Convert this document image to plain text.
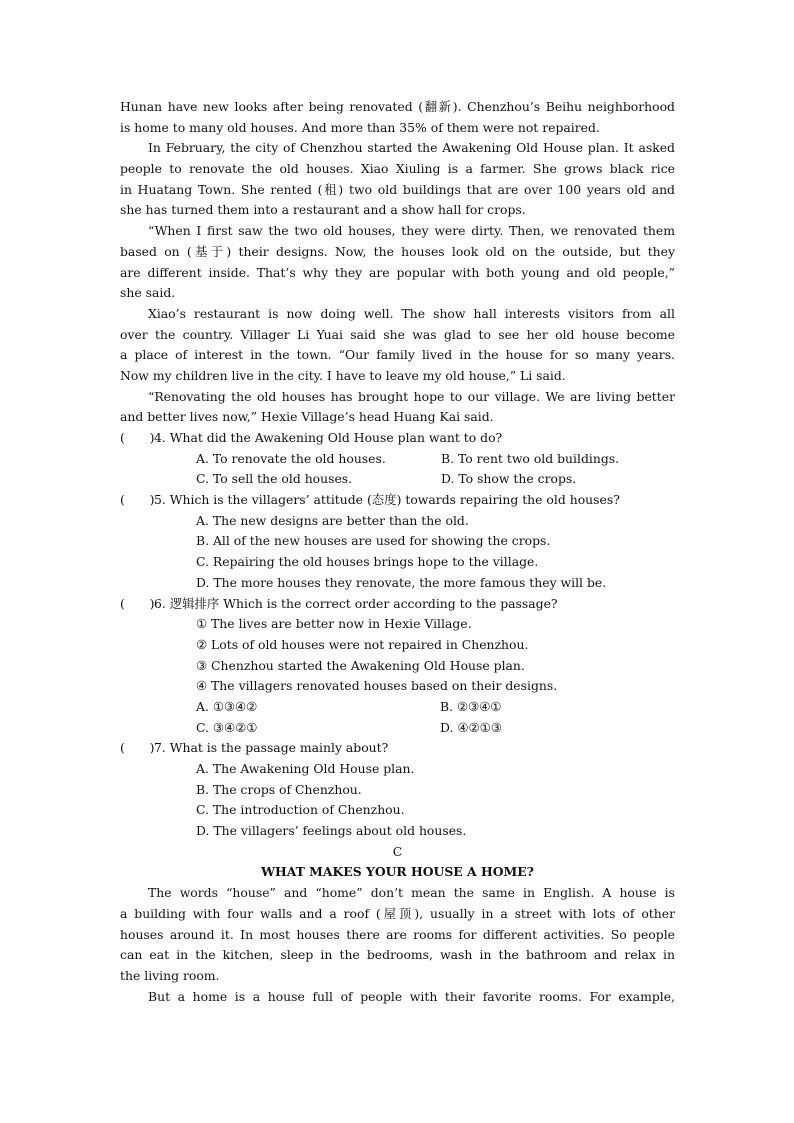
Hunan have new looks after being renovated (翻新). Chenzhou’s Beihu neighborhood
is home to many old houses. And more than 35% of them were not repaired.
In February, the city of Chenzhou started the Awakening Old House plan. It asked
people to renovate the old houses. Xiao Xiuling is a farmer. She grows black rice
in Huatang Town. She rented (租) two old buildings that are over 100 years old and
she has turned them into a restaurant and a show hall for crops.
“When I first saw the two old houses, they were dirty. Then, we renovated them
based on (基于) their designs. Now, the houses look old on the outside, but they
are different inside. That’s why they are popular with both young and old people,”
she said.
Xiao’s restaurant is now doing well. The show hall interests visitors from all
over the country. Villager Li Yuai said she was glad to see her old house become
a place of interest in the town. “Our family lived in the house for so many years.
Now my children live in the city. I have to leave my old house,” Li said.
“Renovating the old houses has brought hope to our village. We are living better
and better lives now,” Hexie Village’s head Huang Kai said.
(　　) 4. What did the Awakening Old House plan want to do?
A. To renovate the old houses.	B. To rent two old buildings.
C. To sell the old houses.	D. To show the crops.
(　　) 5. Which is the villagers’ attitude (态度) towards repairing the old houses?
A. The new designs are better than the old.
B. All of the new houses are used for showing the crops.
C. Repairing the old houses brings hope to the village.
D. The more houses they renovate, the more famous they will be.
(　　) 6. 逻辑排序 Which is the correct order according to the passage?
① The lives are better now in Hexie Village.
② Lots of old houses were not repaired in Chenzhou.
③ Chenzhou started the Awakening Old House plan.
④ The villagers renovated houses based on their designs.
A. ①③④②	B. ②③④①
C. ③④②①	D. ④②①③
(　　) 7. What is the passage mainly about?
A. The Awakening Old House plan.
B. The crops of Chenzhou.
C. The introduction of Chenzhou.
D. The villagers’ feelings about old houses.
C
WHAT MAKES YOUR HOUSE A HOME?
The words “house” and “home” don’t mean the same in English. A house is
a building with four walls and a roof (屋顶), usually in a street with lots of other
houses around it. In most houses there are rooms for different activities. So people
can eat in the kitchen, sleep in the bedrooms, wash in the bathroom and relax in
the living room.
But a home is a house full of people with their favorite rooms. For example,
